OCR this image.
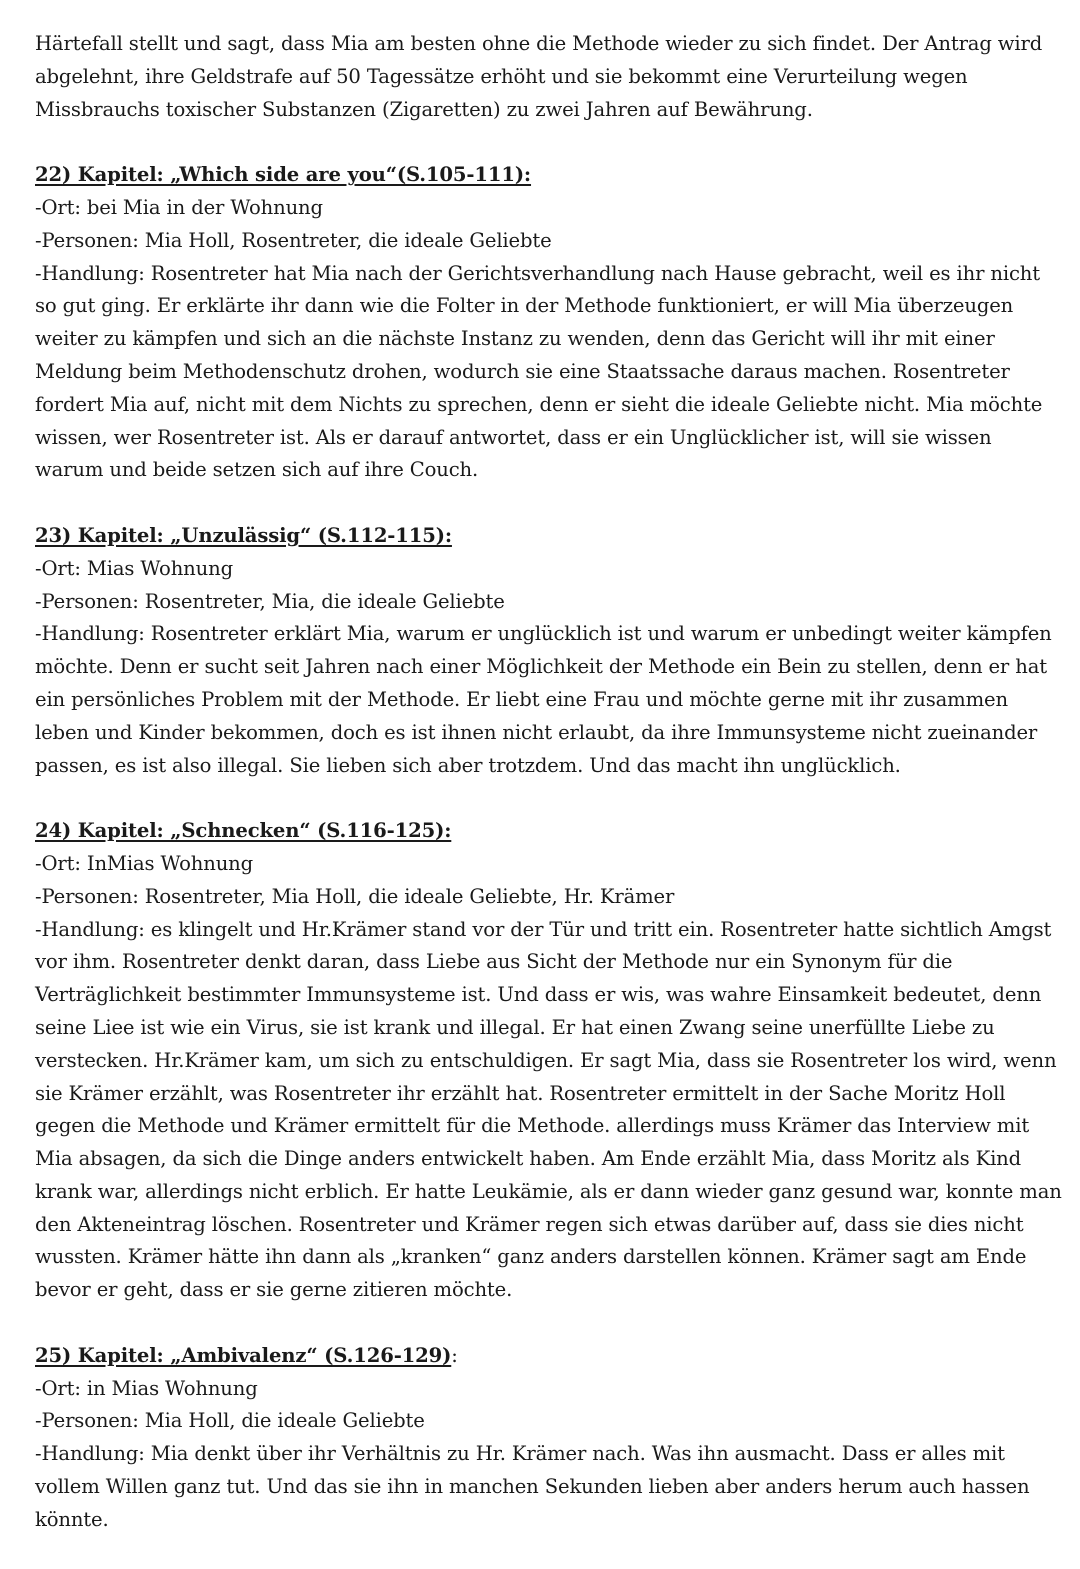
Härtefall stellt und sagt, dass Mia am besten ohne die Methode wieder zu sich findet. Der Antrag wird abgelehnt, ihre Geldstrafe auf 50 Tagessätze erhöht und sie bekommt eine Verurteilung wegen Missbrauchs toxischer Substanzen (Zigaretten) zu zwei Jahren auf Bewährung.

22) Kapitel: „Which side are you“(S.105-111):

-Ort: bei Mia in der Wohnung

-Personen: Mia Holl, Rosentreter, die ideale Geliebte

-Handlung: Rosentreter hat Mia nach der Gerichtsverhandlung nach Hause gebracht, weil es ihr nicht so gut ging. Er erklärte ihr dann wie die Folter in der Methode funktioniert, er will Mia überzeugen weiter zu kämpfen und sich an die nächste Instanz zu wenden, denn das Gericht will ihr mit einer Meldung beim Methodenschutz drohen, wodurch sie eine Staatssache daraus machen. Rosentreter fordert Mia auf, nicht mit dem Nichts zu sprechen, denn er sieht die ideale Geliebte nicht. Mia möchte wissen, wer Rosentreter ist. Als er darauf antwortet, dass er ein Unglücklicher ist, will sie wissen warum und beide setzen sich auf ihre Couch.

23) Kapitel: „Unzulässig“ (S.112-115):

-Ort: Mias Wohnung

-Personen: Rosentreter, Mia, die ideale Geliebte

-Handlung: Rosentreter erklärt Mia, warum er unglücklich ist und warum er unbedingt weiter kämpfen möchte. Denn er sucht seit Jahren nach einer Möglichkeit der Methode ein Bein zu stellen, denn er hat ein persönliches Problem mit der Methode. Er liebt eine Frau und möchte gerne mit ihr zusammen leben und Kinder bekommen, doch es ist ihnen nicht erlaubt, da ihre Immunsysteme nicht zueinander passen, es ist also illegal. Sie lieben sich aber trotzdem. Und das macht ihn unglücklich.

24) Kapitel: „Schnecken“ (S.116-125):

-Ort: InMias Wohnung

-Personen: Rosentreter, Mia Holl, die ideale Geliebte, Hr. Krämer

-Handlung: es klingelt und Hr.Krämer stand vor der Tür und tritt ein. Rosentreter hatte sichtlich Amgst vor ihm. Rosentreter denkt daran, dass Liebe aus Sicht der Methode nur ein Synonym für die Verträglichkeit bestimmter Immunsysteme ist. Und dass er wis, was wahre Einsamkeit bedeutet, denn seine Liee ist wie ein Virus, sie ist krank und illegal. Er hat einen Zwang seine unerfüllte Liebe zu verstecken. Hr.Krämer kam, um sich zu entschuldigen. Er sagt Mia, dass sie Rosentreter los wird, wenn sie Krämer erzählt, was Rosentreter ihr erzählt hat. Rosentreter ermittelt in der Sache Moritz Holl gegen die Methode und Krämer ermittelt für die Methode. allerdings muss Krämer das Interview mit Mia absagen, da sich die Dinge anders entwickelt haben. Am Ende erzählt Mia, dass Moritz als Kind krank war, allerdings nicht erblich. Er hatte Leukämie, als er dann wieder ganz gesund war, konnte man den Akteneintrag löschen. Rosentreter und Krämer regen sich etwas darüber auf, dass sie dies nicht wussten. Krämer hätte ihn dann als „kranken“ ganz anders darstellen können. Krämer sagt am Ende bevor er geht, dass er sie gerne zitieren möchte.

25) Kapitel: „Ambivalenz“ (S.126-129):

-Ort: in Mias Wohnung

-Personen: Mia Holl, die ideale Geliebte

-Handlung: Mia denkt über ihr Verhältnis zu Hr. Krämer nach. Was ihn ausmacht. Dass er alles mit vollem Willen ganz tut. Und das sie ihn in manchen Sekunden lieben aber anders herum auch hassen könnte.
